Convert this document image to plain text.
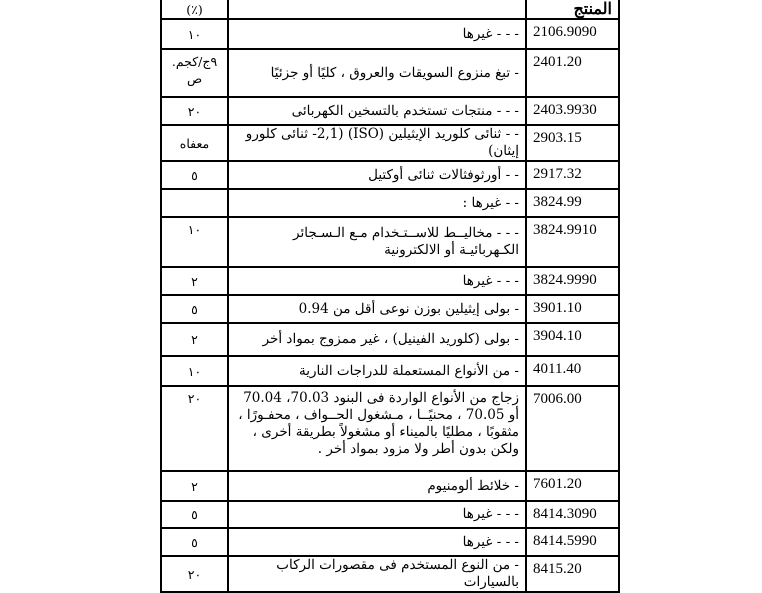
(٪)		المنتج
١٠	- - - غيرها	2106.9090
٩ج/كجم. ص	- تبغ منزوع السويقات والعروق ، كليًا أو جزئيًا	2401.20
٢٠	- - - منتجات تستخدم بالتسخين الكهربائى	2403.9930
معفاه	- - ثنائى كلوريد الإيثيلين (ISO) (2,1- ثنائى كلورو إيثان)	2903.15
٥	- - أورثوفثالات ثنائى أوكتيل	2917.32
	- - غيرها :	3824.99
١٠	- - - مخاليــط للاســتـخدام مـع الـسـجائر الكـهربائيـة أو الالكترونية	3824.9910
٢	- - - غيرها	3824.9990
٥	- بولى إيثيلين بوزن نوعى أقل من 0.94	3901.10
٢	- بولى (كلوريد الفينيل) ، غير ممزوج بمواد أخر	3904.10
١٠	- من الأنواع المستعملة للدراجات النارية	4011.40
٢٠	زجاج من الأنواع الواردة فى البنود 70.03، 70.04 أو 70.05 ، محنيًــا ، مـشغول الحــواف ، محفـورًا ، مثقوبًا ، مطليًا بالميناء أو مشغولاً بطريقة أخرى ، ولكن بدون أطر ولا مزود بمواد أخر .	7006.00
٢	- خلائط ألومنيوم	7601.20
٥	- - - غيرها	8414.3090
٥	- - - غيرها	8414.5990
٢٠	- من النوع المستخدم فى مقصورات الركاب بالسيارات	8415.20
